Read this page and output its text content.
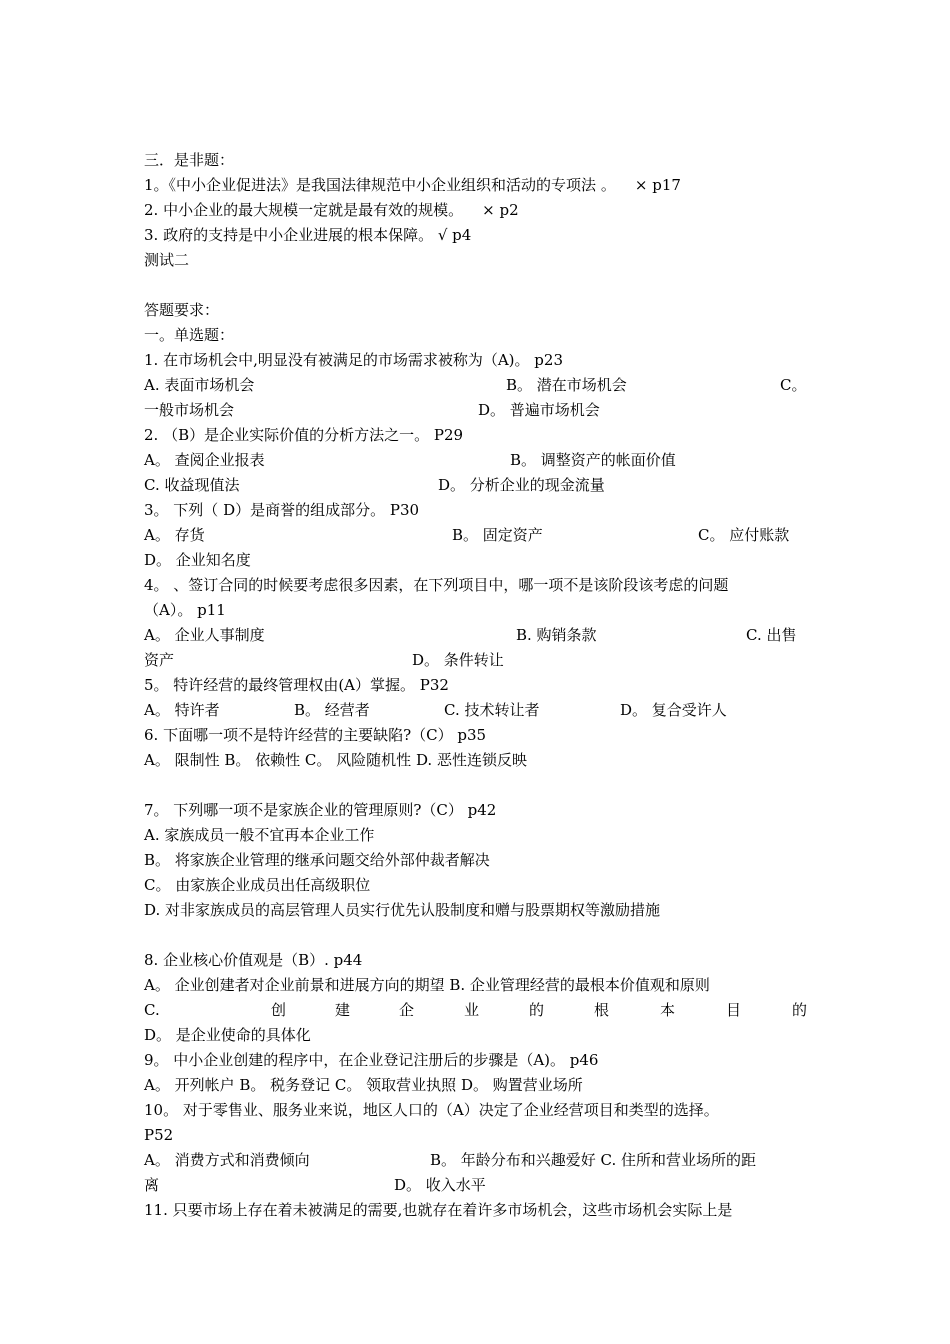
三．是非题：
1。《中小企业促进法》是我国法律规范中小企业组织和活动的专项法 。    × p17
2. 中小企业的最大规模一定就是最有效的规模。    × p2
3. 政府的支持是中小企业进展的根本保障。 √ p4
测试二
答题要求：
一。单选题：
1. 在市场机会中,明显没有被满足的市场需求被称为（A)。 p23
A. 表面市场机会	B。 潜在市场机会	C。
一般市场机会	D。 普遍市场机会
2. （B）是企业实际价值的分析方法之一。 P29
A。 查阅企业报表	B。 调整资产的帐面价值
C. 收益现值法	D。 分析企业的现金流量
3。 下列（ D）是商誉的组成部分。 P30
A。 存货	B。 固定资产	C。 应付账款
D。 企业知名度
4。 、签订合同的时候要考虑很多因素，在下列项目中，哪一项不是该阶段该考虑的问题
（A）。 p11
A。 企业人事制度	B. 购销条款	C. 出售
资产	D。 条件转让
5。 特许经营的最终管理权由(A）掌握。 P32
A。 特许者	B。 经营者	C. 技术转让者	D。 复合受许人
6. 下面哪一项不是特许经营的主要缺陷?（C） p35
A。 限制性 B。 依赖性 C。 风险随机性 D. 恶性连锁反映
7。 下列哪一项不是家族企业的管理原则?（C） p42
A. 家族成员一般不宜再本企业工作
B。 将家族企业管理的继承问题交给外部仲裁者解决
C。 由家族企业成员出任高级职位
D. 对非家族成员的高层管理人员实行优先认股制度和赠与股票期权等激励措施
8. 企业核心价值观是（B）. p44
A。 企业创建者对企业前景和进展方向的期望 B. 企业管理经营的最根本价值观和原则

C.

	创

	建

	企

	业

	的

	根

	本

	目

	的

D。 是企业使命的具体化
9。 中小企业创建的程序中，在企业登记注册后的步骤是（A)。 p46
A。 开列帐户 B。 税务登记 C。 领取营业执照 D。 购置营业场所
10。 对于零售业、服务业来说，地区人口的（A）决定了企业经营项目和类型的选择。
P52
A。 消费方式和消费倾向	B。 年龄分布和兴趣爱好 C. 住所和营业场所的距
离	D。 收入水平
11. 只要市场上存在着未被满足的需要,也就存在着许多市场机会，这些市场机会实际上是
